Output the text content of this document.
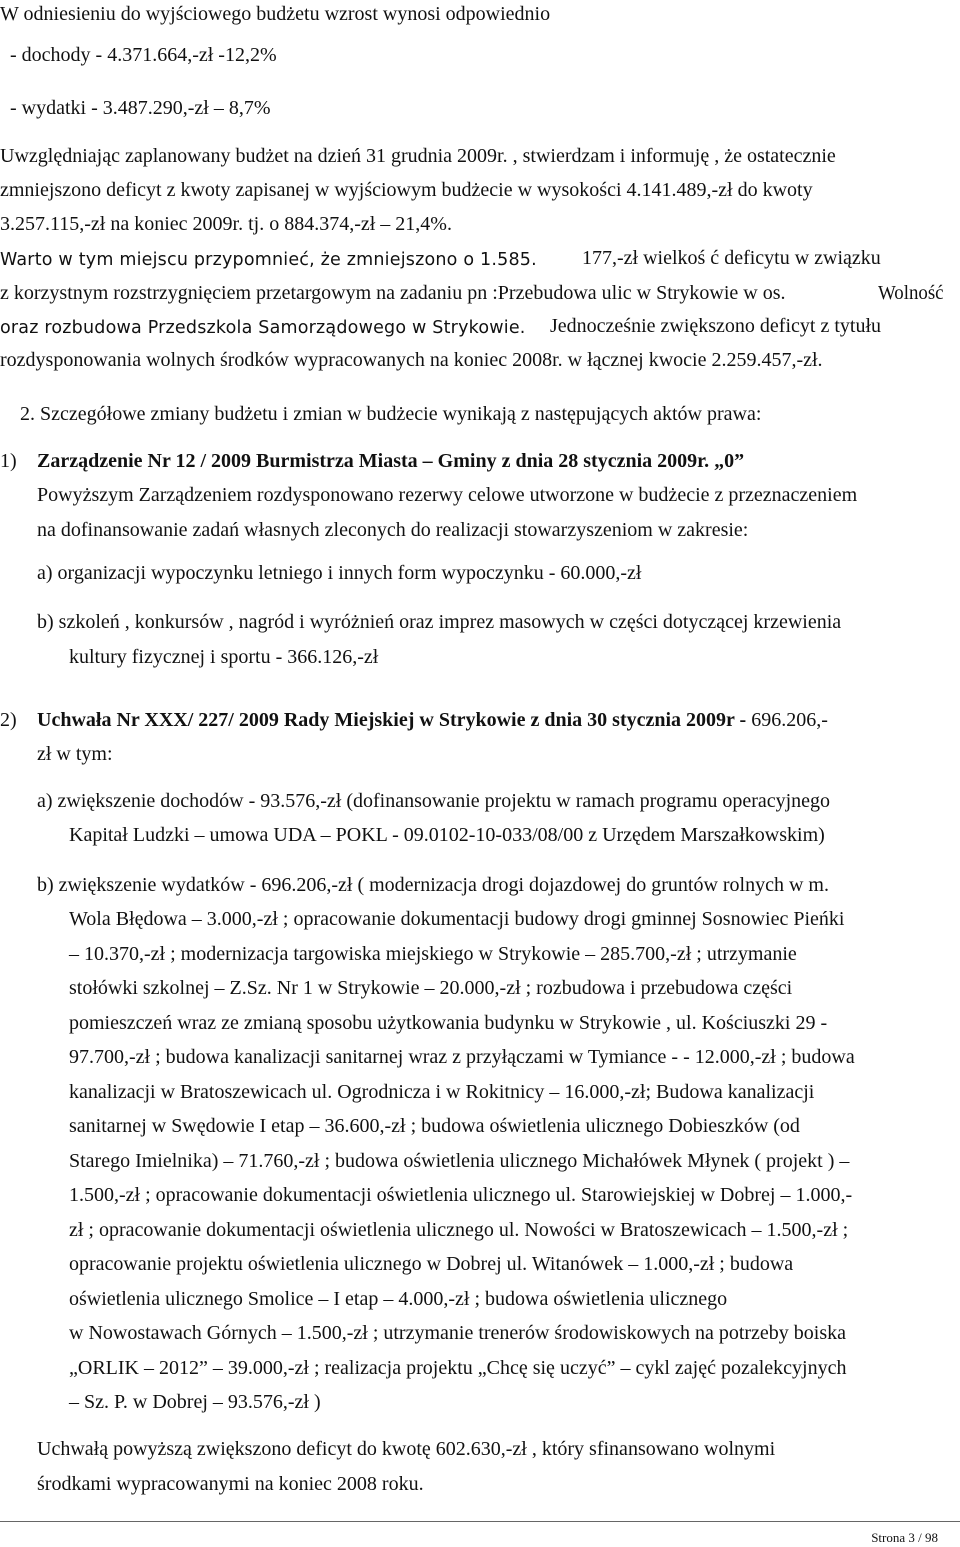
W odniesieniu do wyjściowego budżetu wzrost wynosi odpowiednio
- dochody - 4.371.664,-zł -12,2%
- wydatki - 3.487.290,-zł – 8,7%
Uwzględniając zaplanowany budżet na dzień 31 grudnia 2009r. , stwierdzam i informuję , że ostatecznie
zmniejszono deficyt z kwoty zapisanej w wyjściowym budżecie w wysokości 4.141.489,-zł do kwoty
3.257.115,-zł na koniec 2009r. tj. o 884.374,-zł – 21,4%.
Warto w tym miejscu przypomnieć, że zmniejszono o 1.585. 177,-zł wielkoś ć deficytu w związku
z korzystnym rozstrzygnięciem przetargowym na zadaniu pn :Przebudowa ulic w Strykowie w os.	Wolność
oraz rozbudowa Przedszkola Samorządowego w Strykowie. Jednocześnie zwiększono deficyt z tytułu
rozdysponowania wolnych środków wypracowanych na koniec 2008r. w łącznej kwocie 2.259.457,-zł.
2. Szczegółowe zmiany budżetu i zmian w budżecie wynikają z następujących aktów prawa:
1) Zarządzenie Nr 12 / 2009 Burmistrza Miasta – Gminy z dnia 28 stycznia 2009r. „0”
Powyższym Zarządzeniem rozdysponowano rezerwy celowe utworzone w budżecie z przeznaczeniem
na dofinansowanie zadań własnych zleconych do realizacji stowarzyszeniom w zakresie:
a) organizacji wypoczynku letniego i innych form wypoczynku - 60.000,-zł
b) szkoleń , konkursów , nagród i wyróżnień oraz imprez masowych w części dotyczącej krzewienia
kultury fizycznej i sportu - 366.126,-zł
2) Uchwała Nr XXX/ 227/ 2009 Rady Miejskiej w Strykowie z dnia 30 stycznia 2009r - 696.206,-
zł w tym:
a) zwiększenie dochodów - 93.576,-zł (dofinansowanie projektu w ramach programu operacyjnego
Kapitał Ludzki – umowa UDA – POKL - 09.0102-10-033/08/00 z Urzędem Marszałkowskim)
b) zwiększenie wydatków - 696.206,-zł ( modernizacja drogi dojazdowej do gruntów rolnych w m.
Wola Błędowa – 3.000,-zł ; opracowanie dokumentacji budowy drogi gminnej Sosnowiec Pieńki
– 10.370,-zł ; modernizacja targowiska miejskiego w Strykowie – 285.700,-zł ; utrzymanie
stołówki szkolnej – Z.Sz. Nr 1 w Strykowie – 20.000,-zł ; rozbudowa i przebudowa części
pomieszczeń wraz ze zmianą sposobu użytkowania budynku w Strykowie , ul. Kościuszki 29 -
97.700,-zł ; budowa kanalizacji sanitarnej wraz z przyłączami w Tymiance - - 12.000,-zł ; budowa
kanalizacji w Bratoszewicach ul. Ogrodnicza i w Rokitnicy – 16.000,-zł; Budowa kanalizacji
sanitarnej w Swędowie I etap – 36.600,-zł ; budowa oświetlenia ulicznego Dobieszków (od
Starego Imielnika) – 71.760,-zł ; budowa oświetlenia ulicznego Michałówek Młynek ( projekt ) –
1.500,-zł ; opracowanie dokumentacji oświetlenia ulicznego ul. Starowiejskiej w Dobrej – 1.000,-
zł ; opracowanie dokumentacji oświetlenia ulicznego ul. Nowości w Bratoszewicach – 1.500,-zł ;
opracowanie projektu oświetlenia ulicznego w Dobrej ul. Witanówek – 1.000,-zł ; budowa
oświetlenia ulicznego Smolice – I etap – 4.000,-zł ; budowa oświetlenia ulicznego
w Nowostawach Górnych – 1.500,-zł ; utrzymanie trenerów środowiskowych na potrzeby boiska
„ORLIK – 2012” – 39.000,-zł ; realizacja projektu „Chcę się uczyć” – cykl zajęć pozalekcyjnych
– Sz. P. w Dobrej – 93.576,-zł )
Uchwałą powyższą zwiększono deficyt do kwotę 602.630,-zł , który sfinansowano wolnymi
środkami wypracowanymi na koniec 2008 roku.
Strona 3 / 98
